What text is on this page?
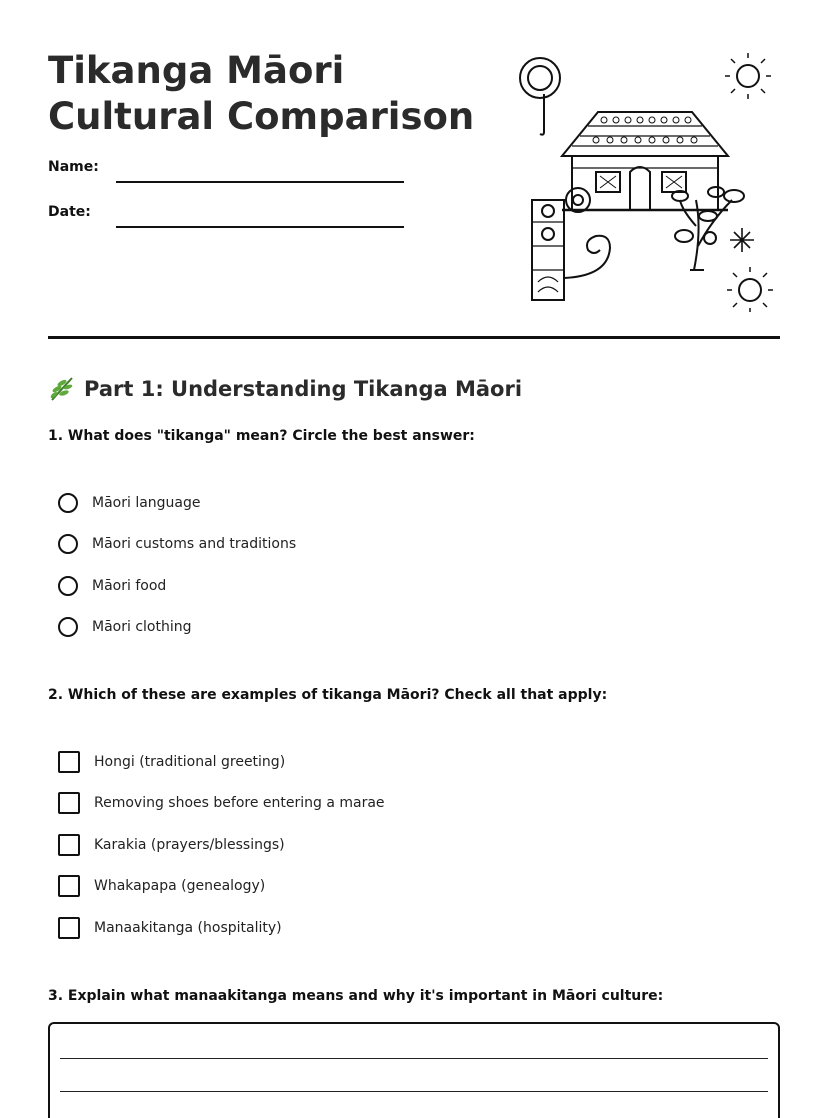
Tikanga Māori Cultural Comparison
Name:
Date:
Part 1: Understanding Tikanga Māori
1. What does "tikanga" mean? Circle the best answer:
Māori language
Māori customs and traditions
Māori food
Māori clothing
2. Which of these are examples of tikanga Māori? Check all that apply:
Hongi (traditional greeting)
Removing shoes before entering a marae
Karakia (prayers/blessings)
Whakapapa (genealogy)
Manaakitanga (hospitality)
3. Explain what manaakitanga means and why it's important in Māori culture:
